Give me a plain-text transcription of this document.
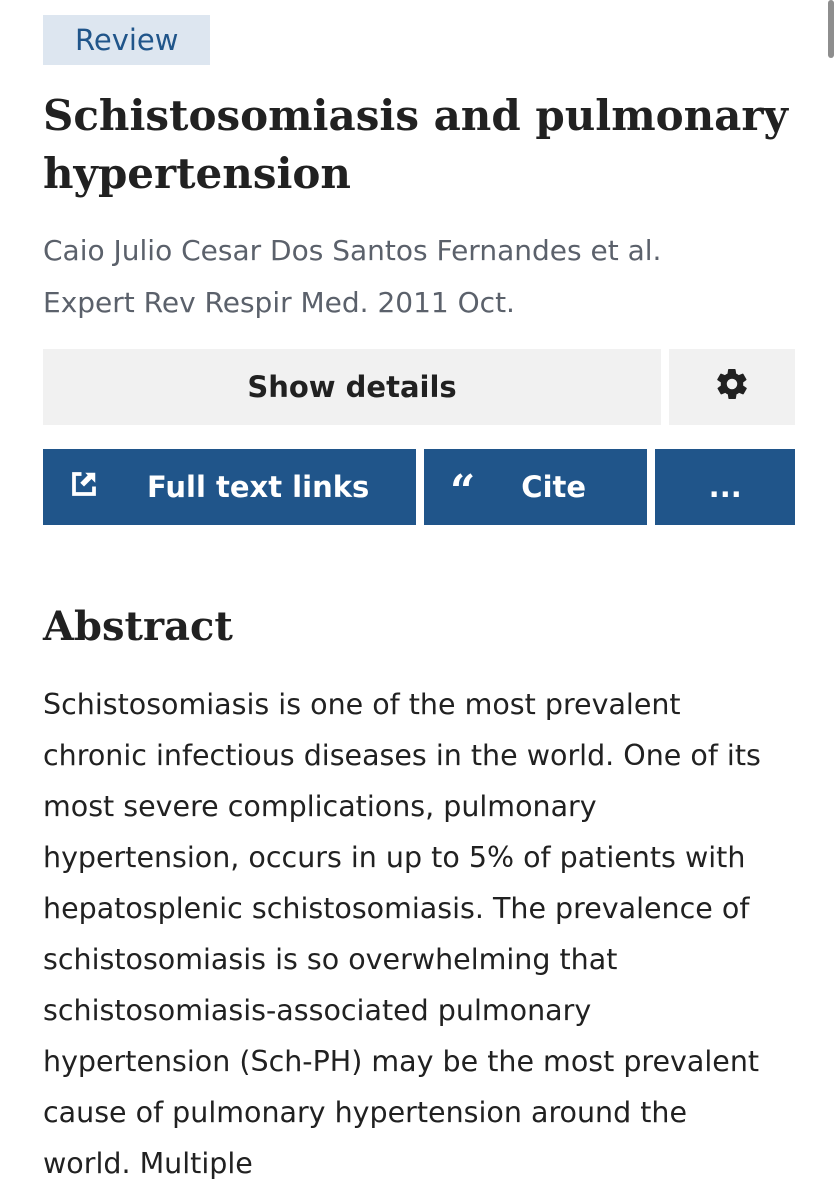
Review
Schistosomiasis and pulmonary hypertension
Caio Julio Cesar Dos Santos Fernandes et al.
Expert Rev Respir Med. 2011 Oct.
Show details
Full text links “ Cite	...
Abstract
Schistosomiasis is one of the most prevalent chronic infectious diseases in the world. One of its most severe complications, pulmonary hypertension, occurs in up to 5% of patients with hepatosplenic schistosomiasis. The prevalence of schistosomiasis is so overwhelming that schistosomiasis-associated pulmonary hypertension (Sch-PH) may be the most prevalent cause of pulmonary hypertension around the world. Multiple
